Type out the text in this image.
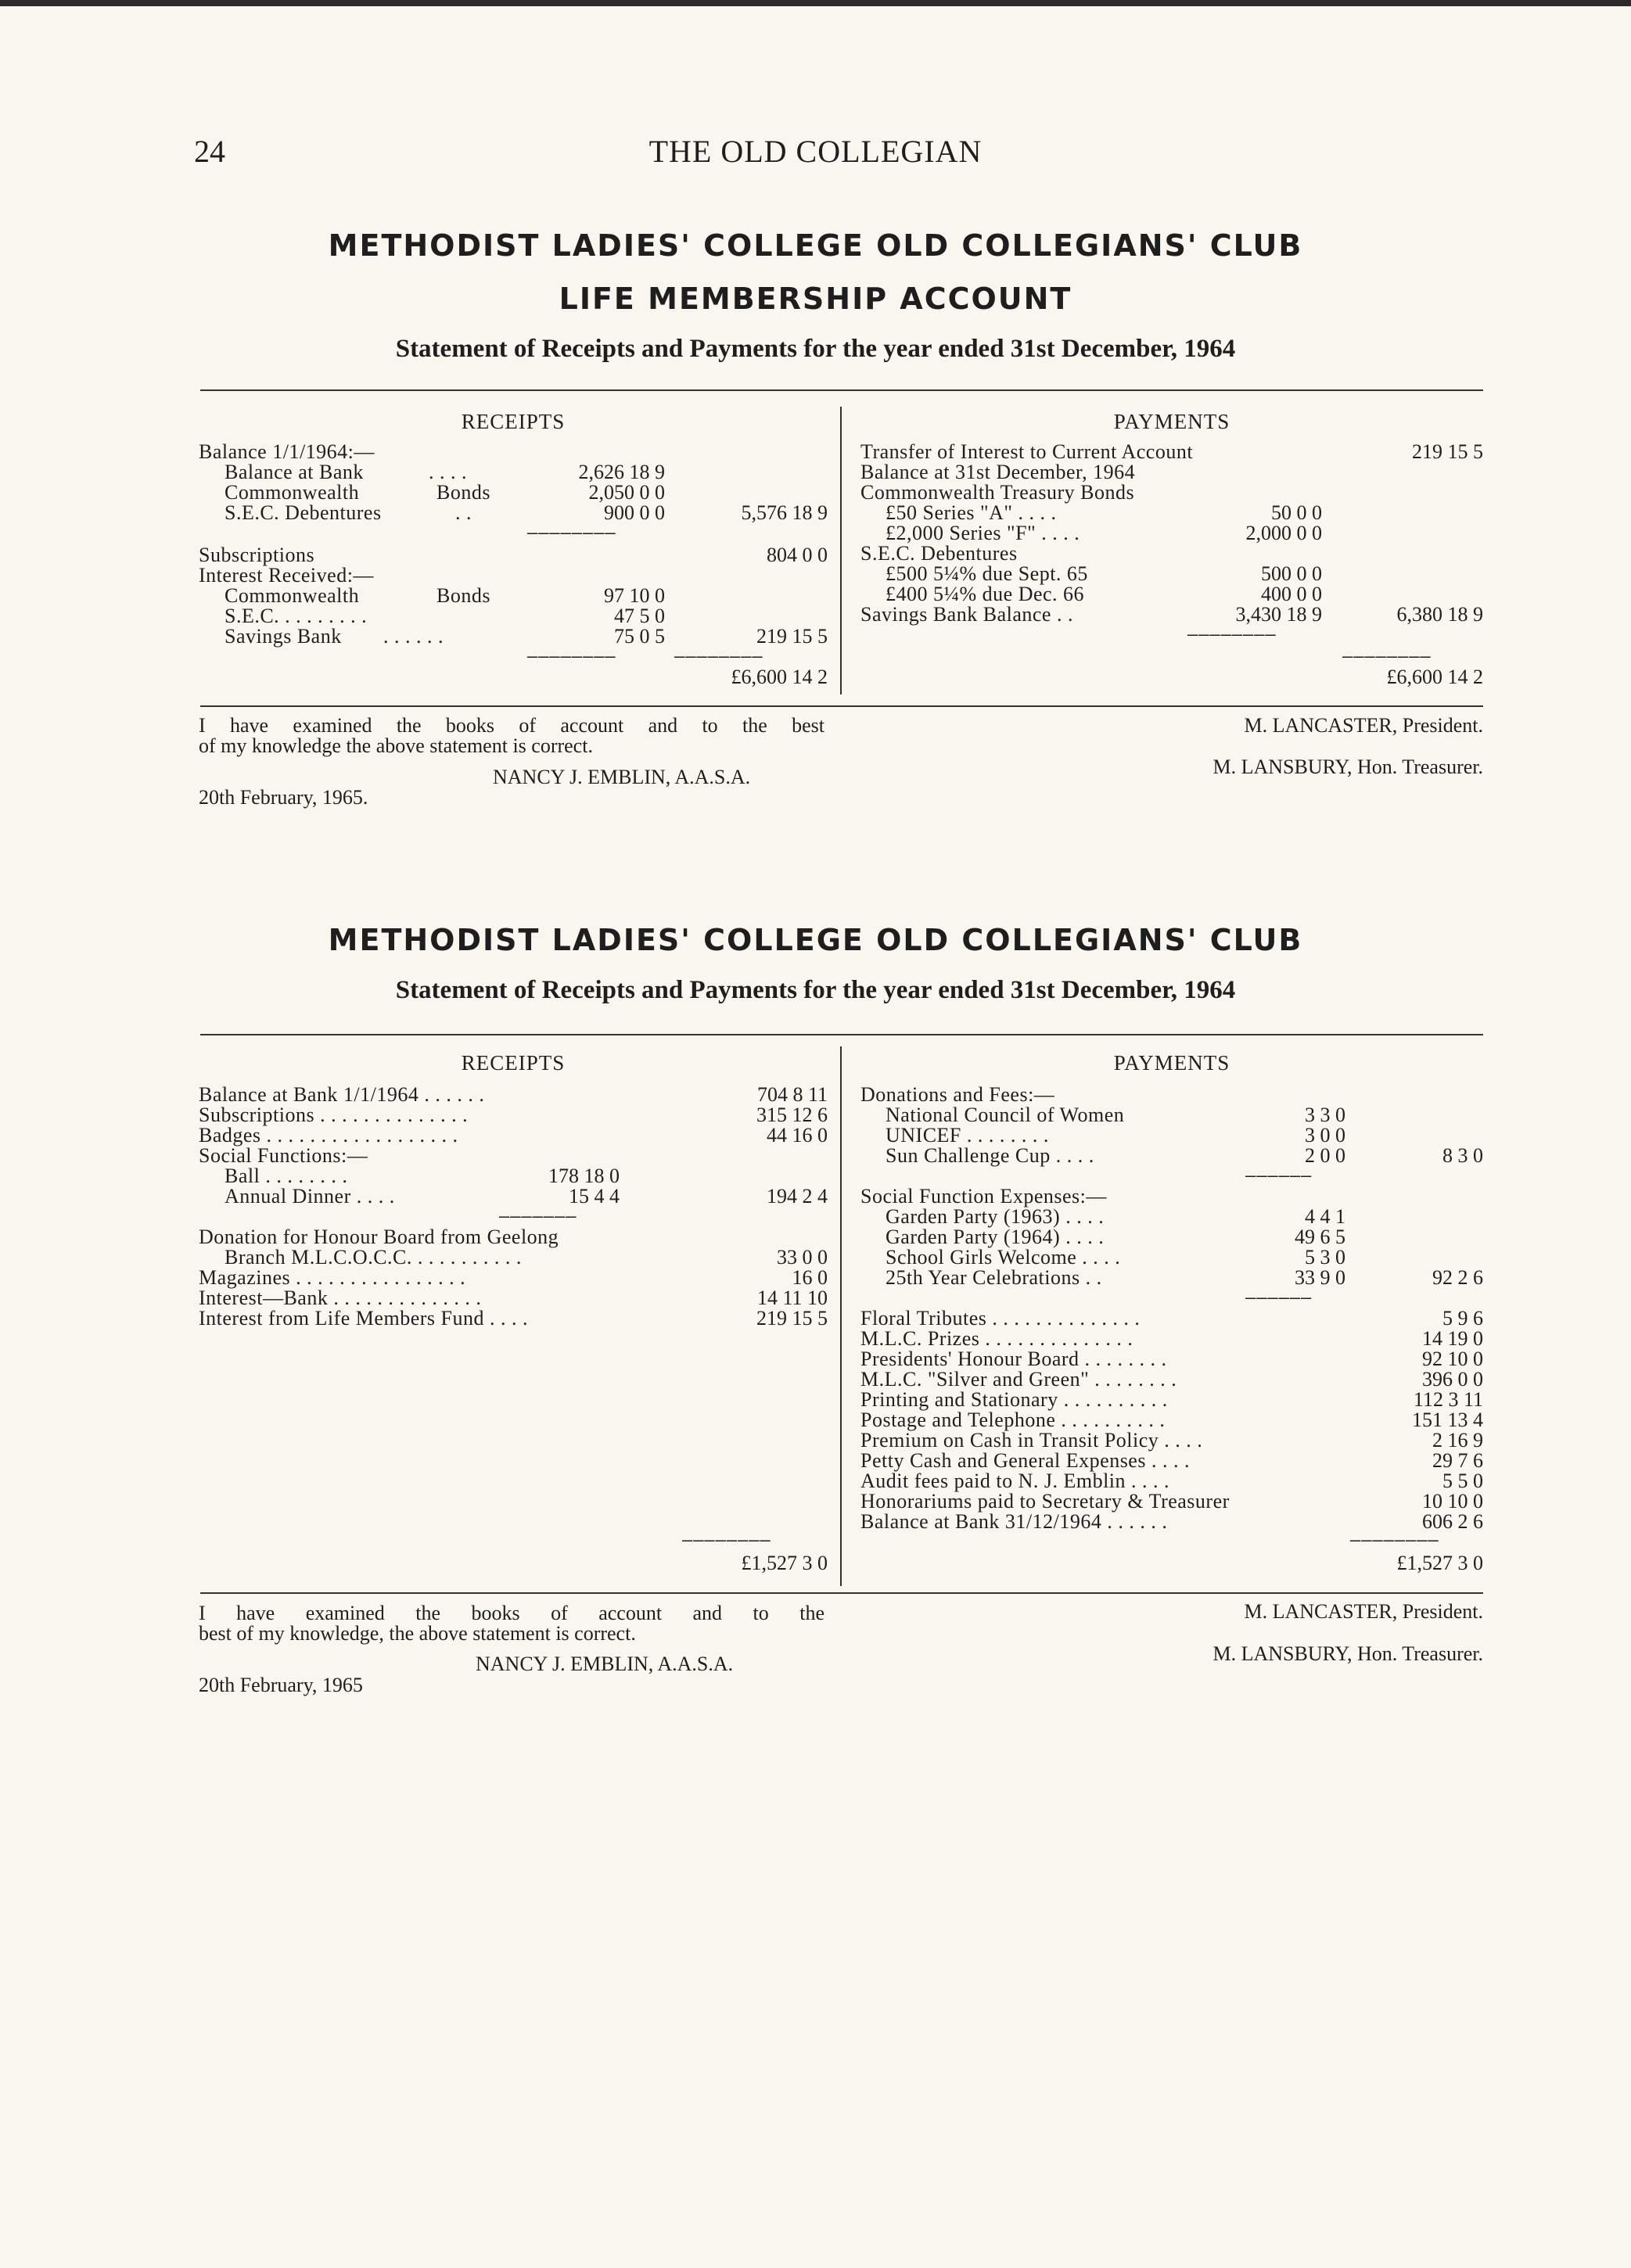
24	THE OLD COLLEGIAN
METHODIST LADIES' COLLEGE OLD COLLEGIANS' CLUB
LIFE MEMBERSHIP ACCOUNT
Statement of Receipts and Payments for the year ended 31st December, 1964
RECEIPTS	PAYMENTS
Balance 1/1/1964:—
Balance at Bank	. . . .	2,626 18 9
Commonwealth	Bonds	2,050 0 0
S.E.C. Debentures	. .	900 0 0	5,576 18 9
————————
Subscriptions	804 0 0
Interest Received:—
Commonwealth	Bonds	97 10 0
S.E.C. . . . . . . . .	47 5 0
Savings Bank . . . . . .	75 0 5	219 15 5
————————	————————
£6,600 14 2
Transfer of Interest to Current Account	219 15 5
Balance at 31st December, 1964
Commonwealth Treasury Bonds
£50 Series "A" . . . .	50 0 0
£2,000 Series "F" . . . .	2,000 0 0
S.E.C. Debentures
£500 5¼% due Sept. 65	500 0 0
£400 5¼% due Dec. 66	400 0 0
Savings Bank Balance . .	3,430 18 9	6,380 18 9
————————
————————
£6,600 14 2
I have examined the books of account and to the best
of my knowledge the above statement is correct.
NANCY J. EMBLIN, A.A.S.A.
20th February, 1965.
M. LANCASTER, President.
M. LANSBURY, Hon. Treasurer.
METHODIST LADIES' COLLEGE OLD COLLEGIANS' CLUB
Statement of Receipts and Payments for the year ended 31st December, 1964
RECEIPTS	PAYMENTS
Balance at Bank 1/1/1964 . . . . . .	704 8 11
Subscriptions . . . . . . . . . . . . . .	315 12 6
Badges . . . . . . . . . . . . . . . . . .	44 16 0
Social Functions:—
Ball . . . . . . . .	178 18 0
Annual Dinner . . . .	15 4 4	194 2 4
———————
Donation for Honour Board from Geelong
Branch M.L.C.O.C.C. . . . . . . . . . .	33 0 0
Magazines . . . . . . . . . . . . . . . .	16 0
Interest—Bank . . . . . . . . . . . . . .	14 11 10
Interest from Life Members Fund . . . .	219 15 5
————————
£1,527 3 0
Donations and Fees:—
National Council of Women	3 3 0
UNICEF . . . . . . . .	3 0 0
Sun Challenge Cup . . . .	2 0 0	8 3 0
——————
Social Function Expenses:—
Garden Party (1963) . . . .	4 4 1
Garden Party (1964) . . . .	49 6 5
School Girls Welcome . . . .	5 3 0
25th Year Celebrations . .	33 9 0	92 2 6
——————
Floral Tributes . . . . . . . . . . . . . .	5 9 6
M.L.C. Prizes . . . . . . . . . . . . . .	14 19 0
Presidents' Honour Board . . . . . . . .	92 10 0
M.L.C. "Silver and Green" . . . . . . . .	396 0 0
Printing and Stationary . . . . . . . . . .	112 3 11
Postage and Telephone . . . . . . . . . .	151 13 4
Premium on Cash in Transit Policy . . . .	2 16 9
Petty Cash and General Expenses . . . .	29 7 6
Audit fees paid to N. J. Emblin . . . .	5 5 0
Honorariums paid to Secretary & Treasurer	10 10 0
Balance at Bank 31/12/1964 . . . . . .	606 2 6
————————
£1,527 3 0
I have examined the books of account and to the
best of my knowledge, the above statement is correct.
NANCY J. EMBLIN, A.A.S.A.
20th February, 1965
M. LANCASTER, President.
M. LANSBURY, Hon. Treasurer.
